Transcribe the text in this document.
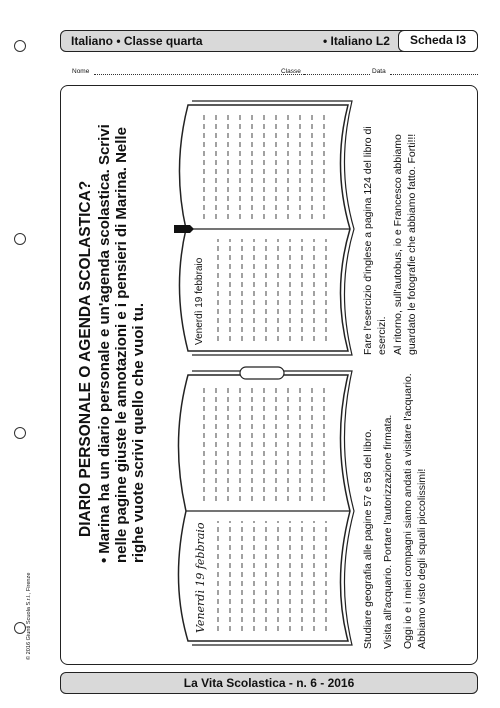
Italiano • Classe quarta	• Italiano L2	Scheda I3
Nome	Classe	Data
© 2016 Giunti Scuola S.r.l., Firenze
DIARIO PERSONALE O AGENDA SCOLASTICA?
•Marina ha un diario personale e un'agenda scolastica. Scrivi nelle pagine giuste le annotazioni e i pensieri di Marina. Nelle righe vuote scrivi quello che vuoi tu.
Venerdì 19 febbraio
Venerdì 19 febbraio
Studiare geografia alle pagine 57 e 58 del libro. Visita all'acquario. Portare l'autorizzazione firmata. Oggi io e i miei compagni siamo andati a visitare l'acquario. Abbiamo visto degli squali piccolissimi!
Fare l'esercizio d'inglese a pagina 124 del libro di esercizi. Al ritorno, sull'autobus, io e Francesco abbiamo guardato le fotografie che abbiamo fatto. Forti!!!
La Vita Scolastica - n. 6 - 2016
